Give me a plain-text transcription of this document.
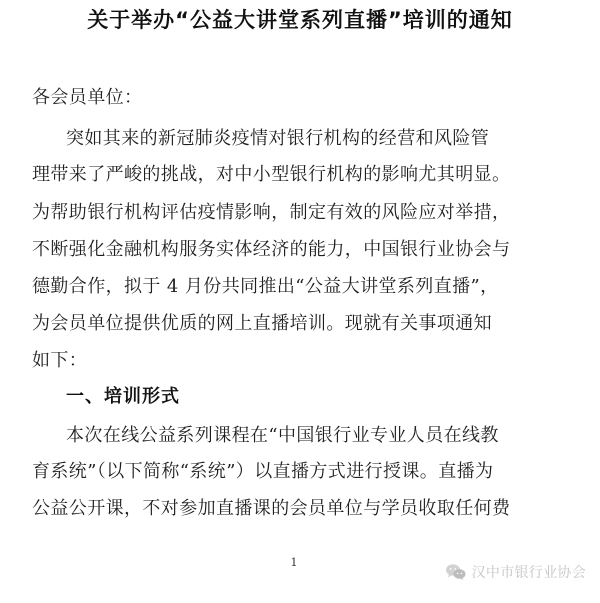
关于举办“公益大讲堂系列直播”培训的通知
各会员单位：
突如其来的新冠肺炎疫情对银行机构的经营和风险管
理带来了严峻的挑战，对中小型银行机构的影响尤其明显。
为帮助银行机构评估疫情影响，制定有效的风险应对举措，
不断强化金融机构服务实体经济的能力，中国银行业协会与
德勤合作，拟于 4 月份共同推出“公益大讲堂系列直播”，
为会员单位提供优质的网上直播培训。现就有关事项通知
如下：
一、培训形式
本次在线公益系列课程在“中国银行业专业人员在线教
育系统”（以下简称“系统”）以直播方式进行授课。直播为
公益公开课，不对参加直播课的会员单位与学员收取任何费
1
汉中市银行业协会
